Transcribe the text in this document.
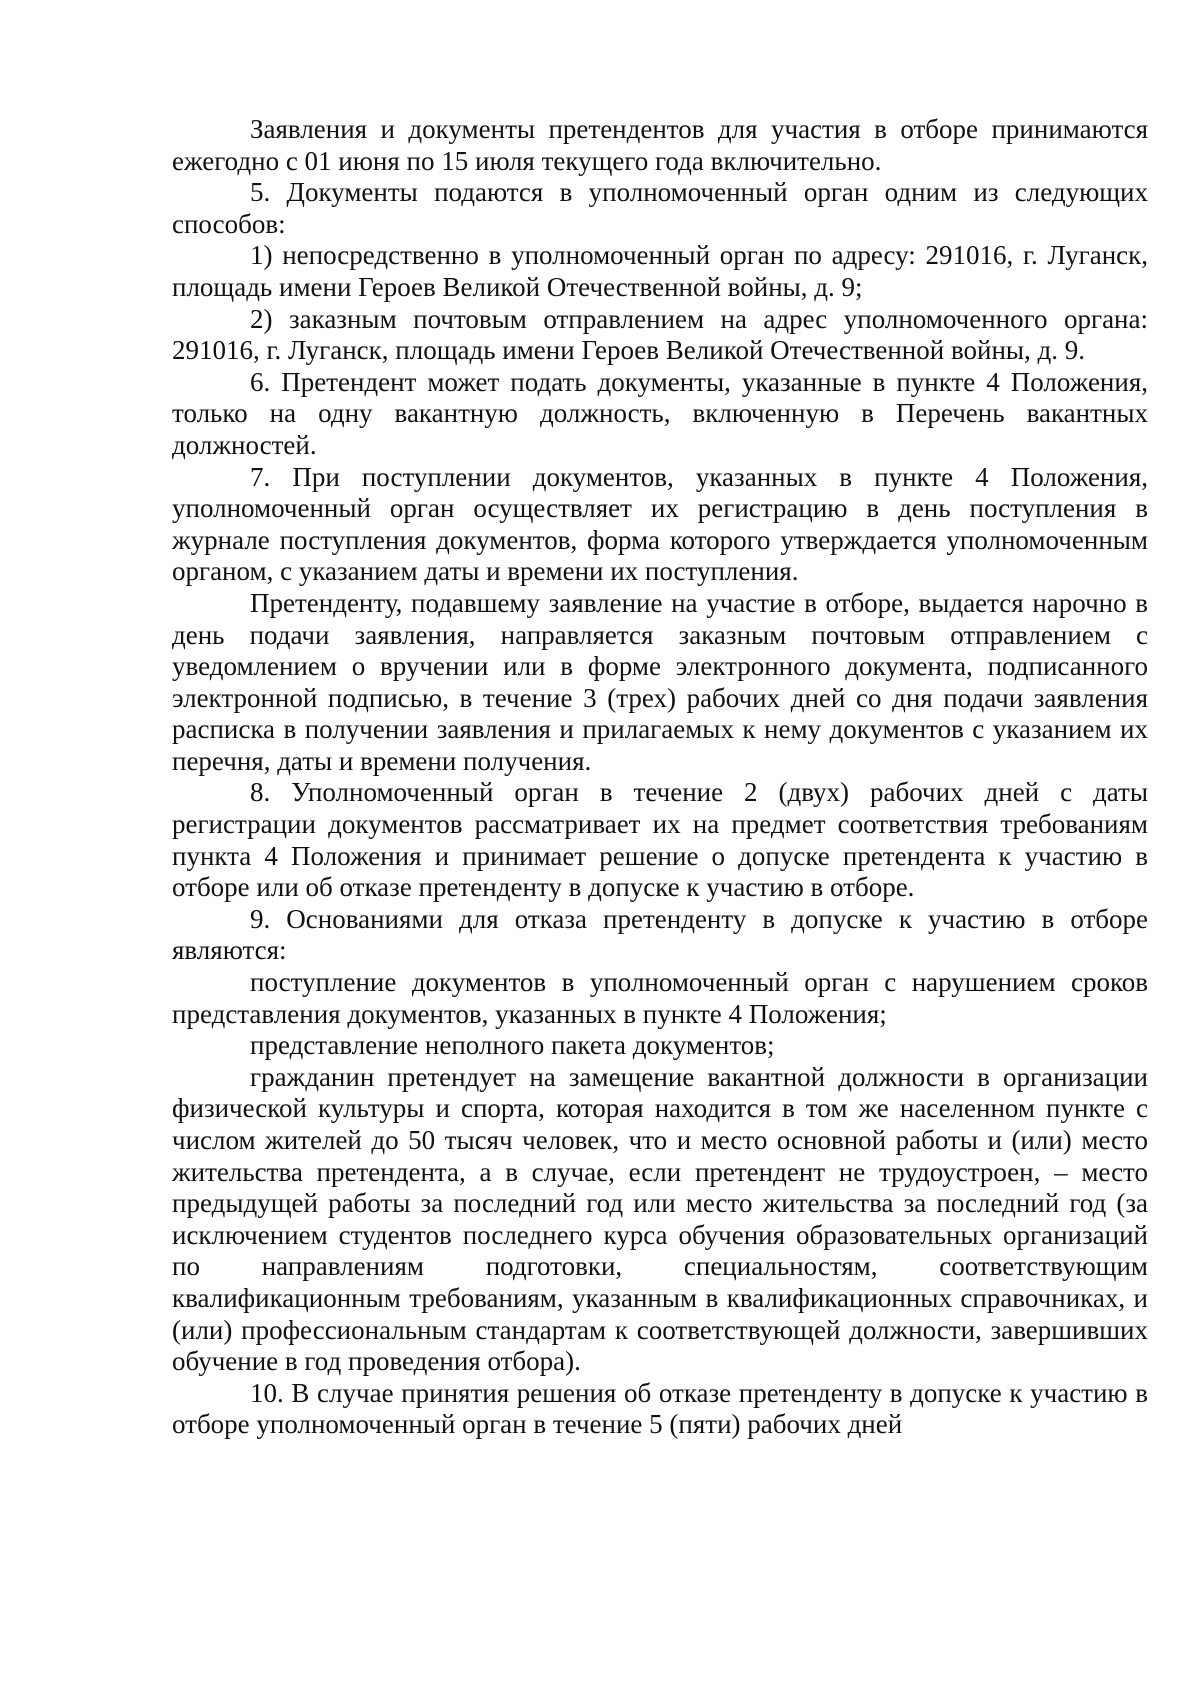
Заявления и документы претендентов для участия в отборе принимаются ежегодно с 01 июня по 15 июля текущего года включительно.

5. Документы подаются в уполномоченный орган одним из следующих способов:

1) непосредственно в уполномоченный орган по адресу: 291016, г. Луганск, площадь имени Героев Великой Отечественной войны, д. 9;

2) заказным почтовым отправлением на адрес уполномоченного органа: 291016, г. Луганск, площадь имени Героев Великой Отечественной войны, д. 9.

6. Претендент может подать документы, указанные в пункте 4 Положения, только на одну вакантную должность, включенную в Перечень вакантных должностей.

7. При поступлении документов, указанных в пункте 4 Положения, уполномоченный орган осуществляет их регистрацию в день поступления в журнале поступления документов, форма которого утверждается уполномоченным органом, с указанием даты и времени их поступления.

Претенденту, подавшему заявление на участие в отборе, выдается нарочно в день подачи заявления, направляется заказным почтовым отправлением с уведомлением о вручении или в форме электронного документа, подписанного электронной подписью, в течение 3 (трех) рабочих дней со дня подачи заявления расписка в получении заявления и прилагаемых к нему документов с указанием их перечня, даты и времени получения.

8. Уполномоченный орган в течение 2 (двух) рабочих дней с даты регистрации документов рассматривает их на предмет соответствия требованиям пункта 4 Положения и принимает решение о допуске претендента к участию в отборе или об отказе претенденту в допуске к участию в отборе.

9. Основаниями для отказа претенденту в допуске к участию в отборе являются:

поступление документов в уполномоченный орган с нарушением сроков представления документов, указанных в пункте 4 Положения;

представление неполного пакета документов;

гражданин претендует на замещение вакантной должности в организации физической культуры и спорта, которая находится в том же населенном пункте с числом жителей до 50 тысяч человек, что и место основной работы и (или) место жительства претендента, а в случае, если претендент не трудоустроен, – место предыдущей работы за последний год или место жительства за последний год (за исключением студентов последнего курса обучения образовательных организаций по направлениям подготовки, специальностям, соответствующим квалификационным требованиям, указанным в квалификационных справочниках, и (или) профессиональным стандартам к соответствующей должности, завершивших обучение в год проведения отбора).

10. В случае принятия решения об отказе претенденту в допуске к участию в отборе уполномоченный орган в течение 5 (пяти) рабочих дней
